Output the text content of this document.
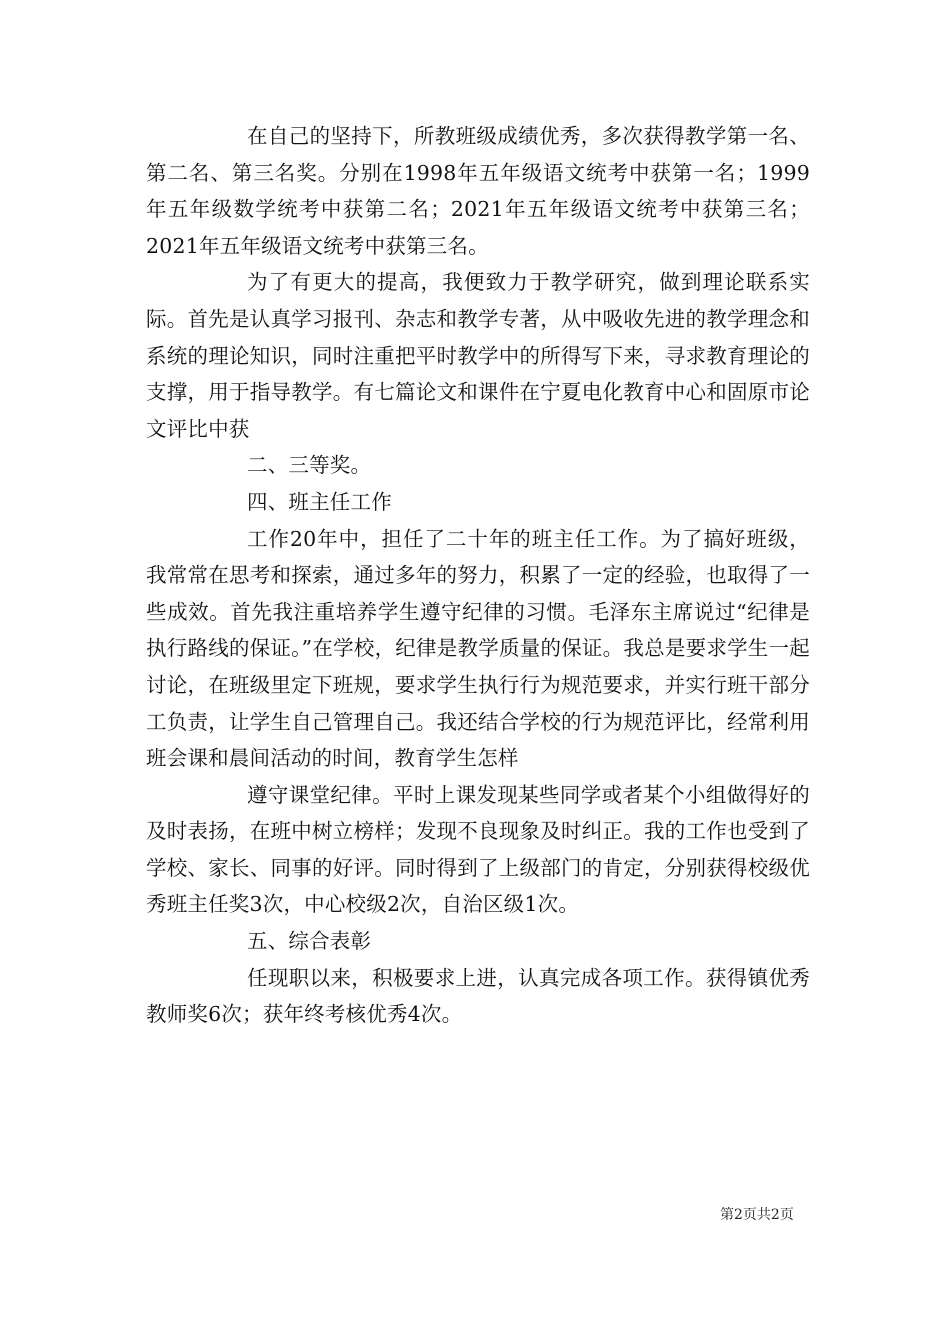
在自己的坚持下，所教班级成绩优秀，多次获得教学第一名、第二名、第三名奖。分别在1998年五年级语文统考中获第一名；1999年五年级数学统考中获第二名；2021年五年级语文统考中获第三名；2021年五年级语文统考中获第三名。

为了有更大的提高，我便致力于教学研究，做到理论联系实际。首先是认真学习报刊、杂志和教学专著，从中吸收先进的教学理念和系统的理论知识，同时注重把平时教学中的所得写下来，寻求教育理论的支撑，用于指导教学。有七篇论文和课件在宁夏电化教育中心和固原市论文评比中获

二、三等奖。

四、班主任工作

工作20年中，担任了二十年的班主任工作。为了搞好班级，我常常在思考和探索，通过多年的努力，积累了一定的经验，也取得了一些成效。首先我注重培养学生遵守纪律的习惯。毛泽东主席说过“纪律是执行路线的保证。”在学校，纪律是教学质量的保证。我总是要求学生一起讨论，在班级里定下班规，要求学生执行行为规范要求，并实行班干部分工负责，让学生自己管理自己。我还结合学校的行为规范评比，经常利用班会课和晨间活动的时间，教育学生怎样

遵守课堂纪律。平时上课发现某些同学或者某个小组做得好的及时表扬，在班中树立榜样；发现不良现象及时纠正。我的工作也受到了学校、家长、同事的好评。同时得到了上级部门的肯定，分别获得校级优秀班主任奖3次，中心校级2次，自治区级1次。

五、综合表彰

任现职以来，积极要求上进，认真完成各项工作。获得镇优秀教师奖6次；获年终考核优秀4次。

第2页共2页
